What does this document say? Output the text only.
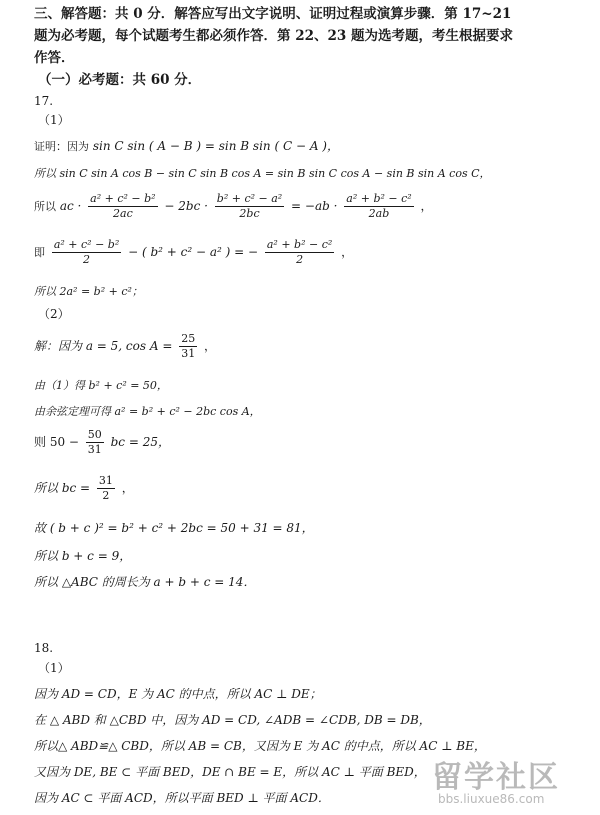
三、解答题：共 0 分．解答应写出文字说明、证明过程或演算步骤．第 17~21
题为必考题，每个试题考生都必须作答．第 22、23 题为选考题，考生根据要求
作答．
（一）必考题：共 60 分．
17.
（1）
证明：因为 sin C sin ( A − B ) = sin B sin ( C − A )，
所以 sin C sin A cos B − sin C sin B cos A = sin B sin C cos A − sin B sin A cos C，
所以 ac · $\frac{\text{a² + c² − b²}}{2ac} - 2bc \cdot \frac{\text{b² + c² − a²}}{2bc} = -ab \cdot \frac{\text{a² + b² − c²}}{2ab}$ ，
即 $\frac{\text{a² + c² − b²}}{2}$ − ( b² + c² − a² ) = − $\frac{\text{a² + b² − c²}}{2}$ ，
所以 2a² = b² + c²；
（2）
解：因为 a = 5, $\cos A = \frac{25}{31}$ ，
由（1）得 b² + c² = 50，
由余弦定理可得 a² = b² + c² − 2bc cos A，
则 $50 - \frac{50}{31}$ bc = 25，
所以 bc = $\frac{31}{2}$ ，
故 ( b + c )² = b² + c² + 2bc = 50 + 31 = 81，
所以 b + c = 9，
所以 △ABC 的周长为 a + b + c = 14．
18.
（1）
因为 AD = CD，E 为 AC 的中点，所以 AC ⊥ DE；
在 △ ABD 和 △CBD 中，因为 AD = CD, ∠ADB = ∠CDB, DB = DB，
所以△ ABD≌△ CBD，所以 AB = CB，又因为 E 为 AC 的中点，所以 AC ⊥ BE，
又因为 DE, BE ⊂ 平面 BED，DE ∩ BE = E，所以 AC ⊥ 平面 BED，
因为 AC ⊂ 平面 ACD，所以平面 BED ⊥ 平面 ACD．
留学社区
bbs.liuxue86.com
